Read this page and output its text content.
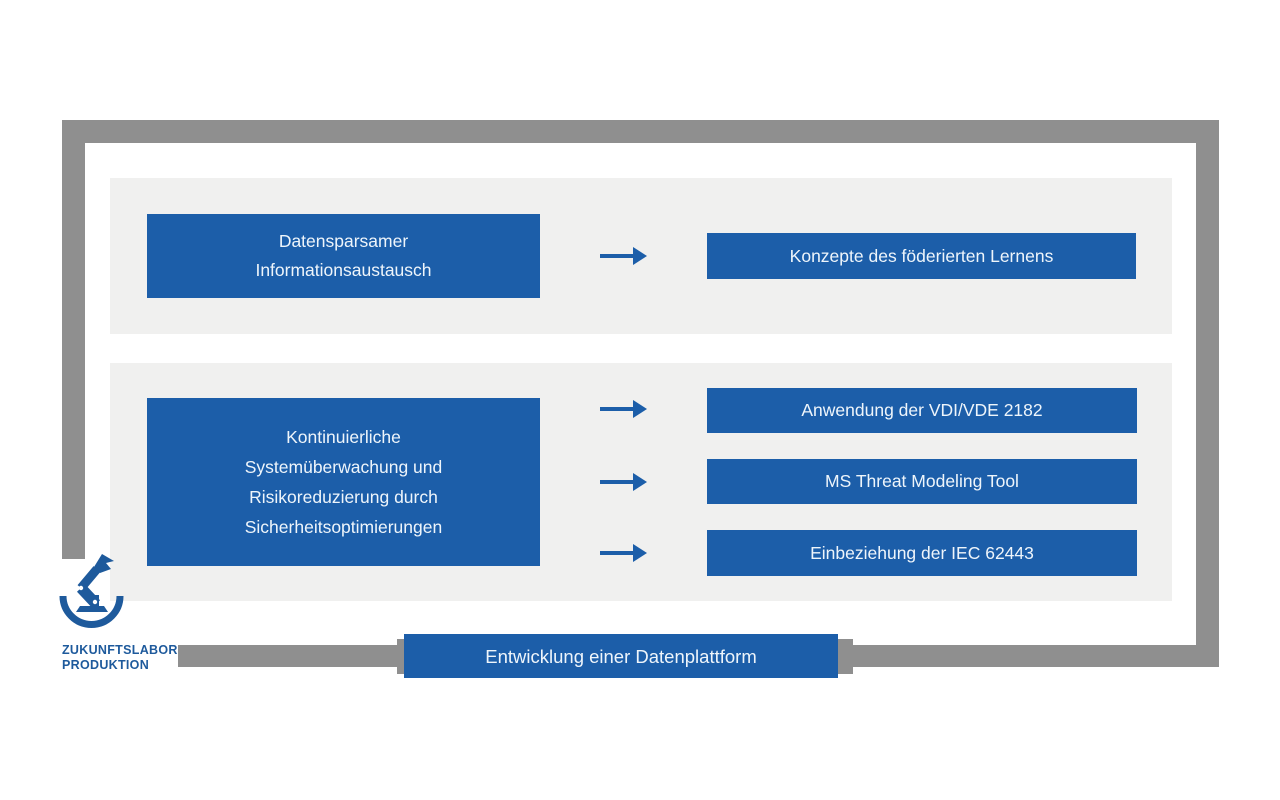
Datensparsamer
Informationsaustausch
Konzepte des föderierten Lernens
Kontinuierliche
Systemüberwachung und
Risikoreduzierung durch
Sicherheitsoptimierungen
Anwendung der VDI/VDE 2182
MS Threat Modeling Tool
Einbeziehung der IEC 62443
Entwicklung einer Datenplattform
ZUKUNFTSLABOR
PRODUKTION
